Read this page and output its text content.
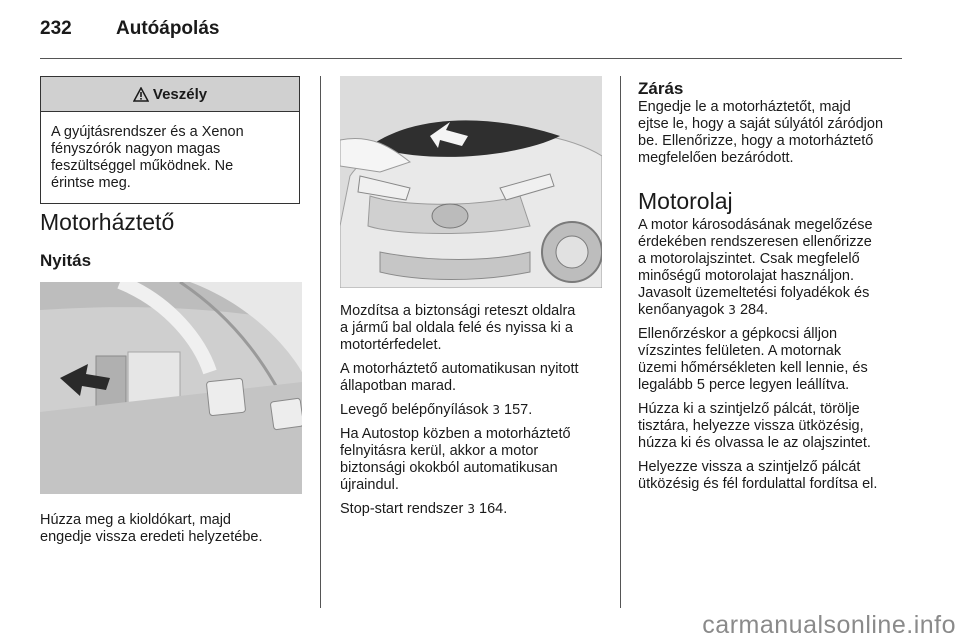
232 Autóápolás
Veszély
A gyújtásrendszer és a Xenon
fényszórók nagyon magas
feszültséggel működnek. Ne
érintse meg.
Motorháztető
Nyitás
Húzza meg a kioldókart, majd
engedje vissza eredeti helyzetébe.

Mozdítsa a biztonsági reteszt oldalra
a jármű bal oldala felé és nyissa ki a
motortérfedelet.

A motorháztető automatikusan nyitott
állapotban marad.

Levegő belépőnyílások 3 157.

Ha Autostop közben a motorháztető
felnyitásra kerül, akkor a motor
biztonsági okokból automatikusan
újraindul.

Stop-start rendszer 3 164.

Zárás

Engedje le a motorháztetőt, majd
ejtse le, hogy a saját súlyától záródjon
be. Ellenőrizze, hogy a motorháztető
megfelelően bezáródott.

Motorolaj

A motor károsodásának megelőzése
érdekében rendszeresen ellenőrizze
a motorolajszintet. Csak megfelelő
minőségű motorolajat használjon.
Javasolt üzemeltetési folyadékok és
kenőanyagok 3 284.

Ellenőrzéskor a gépkocsi álljon
vízszintes felületen. A motornak
üzemi hőmérsékleten kell lennie, és
legalább 5 perce legyen leállítva.

Húzza ki a szintjelző pálcát, törölje
tisztára, helyezze vissza ütközésig,
húzza ki és olvassa le az olajszintet.

Helyezze vissza a szintjelző pálcát
ütközésig és fél fordulattal fordítsa el.

carmanualsonline.info
